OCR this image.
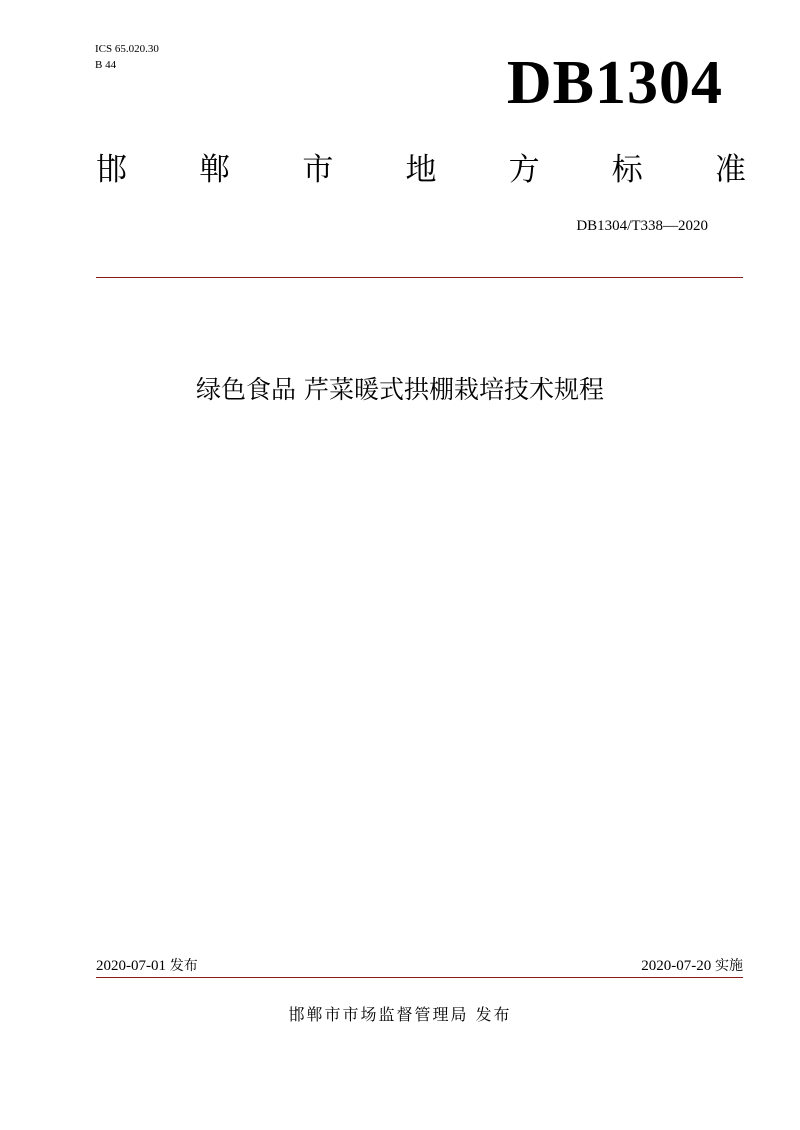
ICS 65.020.30
B 44	DB1304
邯 郸 市 地 方 标 准
DB1304/T338—2020
绿色食品 芹菜暖式拱棚栽培技术规程
2020-07-01 发布	2020-07-20 实施
邯郸市市场监督管理局 发布
